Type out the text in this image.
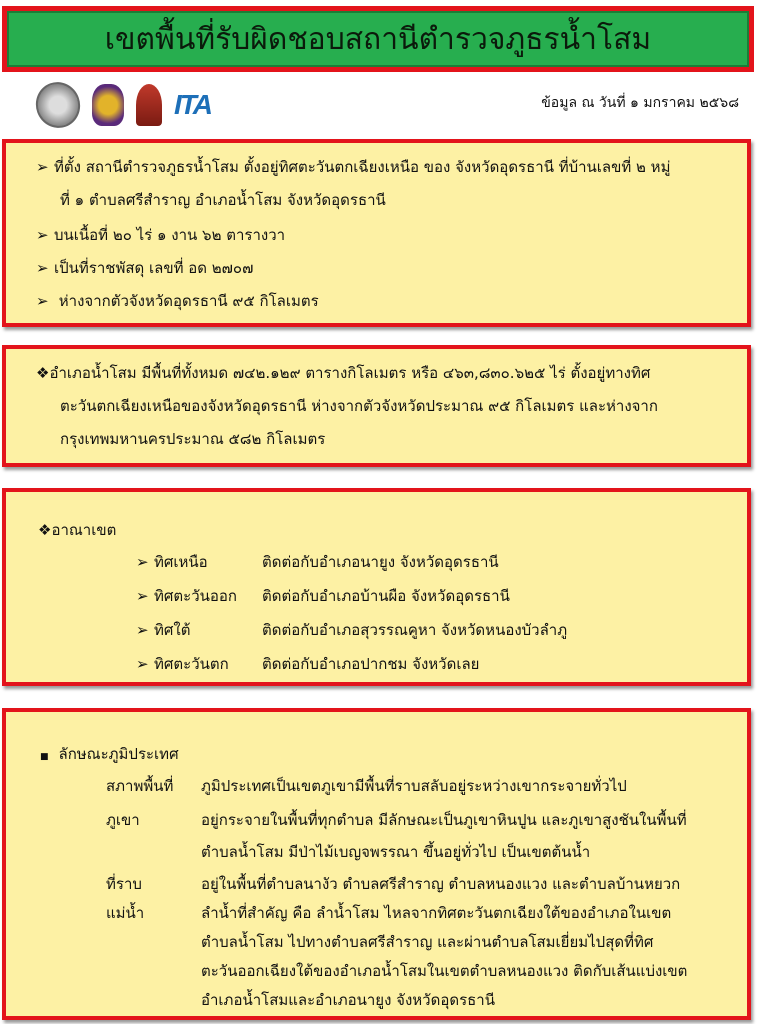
เขตพื้นที่รับผิดชอบสถานีตำรวจภูธรน้ำโสม
ITA	ข้อมูล ณ วันที่ ๑ มกราคม ๒๕๖๘
➢ ที่ตั้ง สถานีตำรวจภูธรน้ำโสม ตั้งอยู่ทิศตะวันตกเฉียงเหนือ ของ จังหวัดอุดรธานี ที่บ้านเลขที่ ๒ หมู่
ที่ ๑ ตำบลศรีสำราญ อำเภอน้ำโสม จังหวัดอุดรธานี
➢ บนเนื้อที่ ๒๐ ไร่ ๑ งาน ๖๒ ตารางวา
➢ เป็นที่ราชพัสดุ เลขที่ อด ๒๗๐๗
➢ ห่างจากตัวจังหวัดอุดรธานี ๙๕ กิโลเมตร
❖อำเภอน้ำโสม มีพื้นที่ทั้งหมด ๗๔๒.๑๒๙ ตารางกิโลเมตร หรือ ๔๖๓,๘๓๐.๖๒๕ ไร่ ตั้งอยู่ทางทิศ
ตะวันตกเฉียงเหนือของจังหวัดอุดรธานี ห่างจากตัวจังหวัดประมาณ ๙๕ กิโลเมตร และห่างจาก
กรุงเทพมหานครประมาณ ๕๘๒ กิโลเมตร
❖อาณาเขต
➢ ทิศเหนือ	ติดต่อกับอำเภอนายูง จังหวัดอุดรธานี
➢ ทิศตะวันออก ติดต่อกับอำเภอบ้านผือ จังหวัดอุดรธานี
➢ ทิศใต้	ติดต่อกับอำเภอสุวรรณคูหา จังหวัดหนองบัวลำภู
➢ ทิศตะวันตก ติดต่อกับอำเภอปากชม จังหวัดเลย
■ ลักษณะภูมิประเทศ
สภาพพื้นที่ ภูมิประเทศเป็นเขตภูเขามีพื้นที่ราบสลับอยู่ระหว่างเขากระจายทั่วไป
ภูเขา	อยู่กระจายในพื้นที่ทุกตำบล มีลักษณะเป็นภูเขาหินปูน และภูเขาสูงชันในพื้นที่
ตำบลน้ำโสม มีป่าไม้เบญจพรรณา ขึ้นอยู่ทั่วไป เป็นเขตต้นน้ำ
ที่ราบ	อยู่ในพื้นที่ตำบลนางัว ตำบลศรีสำราญ ตำบลหนองแวง และตำบลบ้านหยวก
แม่น้ำ	ลำน้ำที่สำคัญ คือ ลำน้ำโสม ไหลจากทิศตะวันตกเฉียงใต้ของอำเภอในเขต
ตำบลน้ำโสม ไปทางตำบลศรีสำราญ และผ่านตำบลโสมเยี่ยมไปสุดที่ทิศ
ตะวันออกเฉียงใต้ของอำเภอน้ำโสมในเขตตำบลหนองแวง ติดกับเส้นแบ่งเขต
อำเภอน้ำโสมและอำเภอนายูง จังหวัดอุดรธานี
